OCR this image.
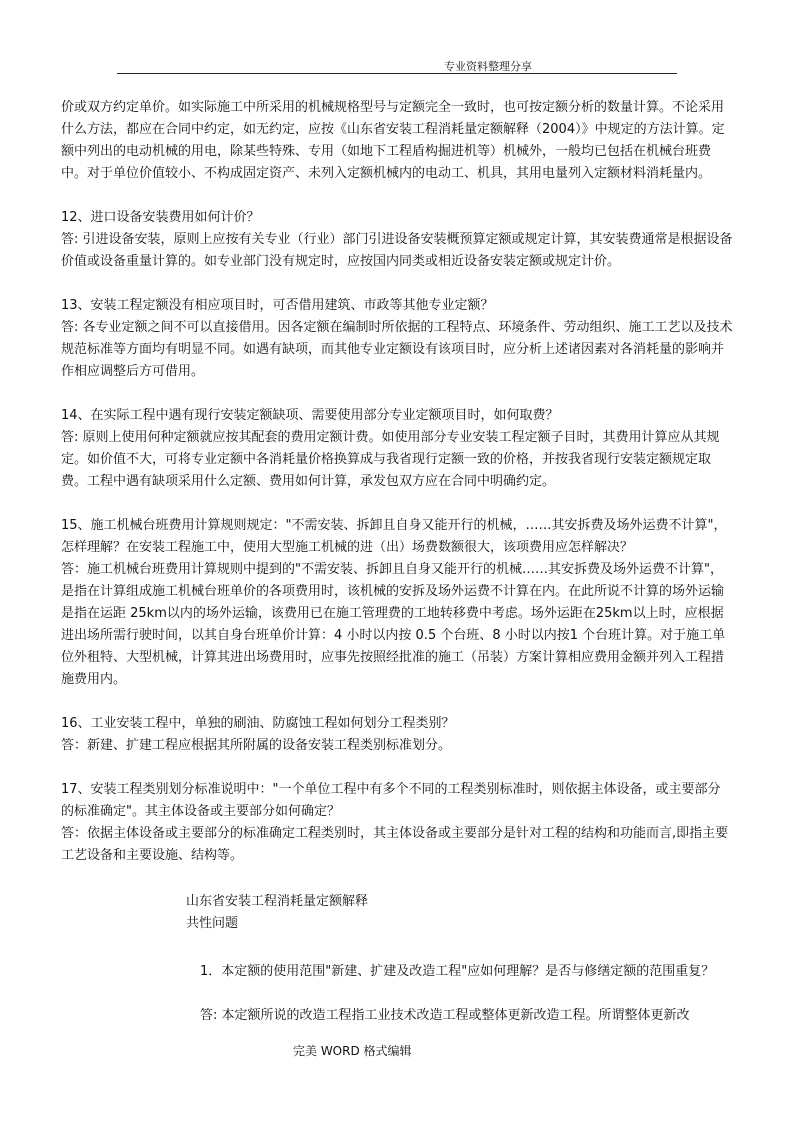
专业资料整理分享

价或双方约定单价。如实际施工中所采用的机械规格型号与定额完全一致时，也可按定额分析的数量计算。不论采用什么方法，都应在合同中约定，如无约定，应按《山东省安装工程消耗量定额解释（2004）》中规定的方法计算。定额中列出的电动机械的用电，除某些特殊、专用（如地下工程盾构掘进机等）机械外，一般均已包括在机械台班费中。对于单位价值较小、不构成固定资产、未列入定额机械内的电动工、机具，其用电量列入定额材料消耗量内。

12、进口设备安装费用如何计价？

答: 引进设备安装，原则上应按有关专业（行业）部门引进设备安装概预算定额或规定计算，其安装费通常是根据设备价值或设备重量计算的。如专业部门没有规定时，应按国内同类或相近设备安装定额或规定计价。

13、安装工程定额没有相应项目时，可否借用建筑、市政等其他专业定额？

答: 各专业定额之间不可以直接借用。因各定额在编制时所依据的工程特点、环境条件、劳动组织、施工工艺以及技术规范标准等方面均有明显不同。如遇有缺项，而其他专业定额设有该项目时，应分析上述诸因素对各消耗量的影响并作相应调整后方可借用。

14、在实际工程中遇有现行安装定额缺项、需要使用部分专业定额项目时，如何取费？

答: 原则上使用何种定额就应按其配套的费用定额计费。如使用部分专业安装工程定额子目时，其费用计算应从其规定。如价值不大，可将专业定额中各消耗量价格换算成与我省现行定额一致的价格，并按我省现行安装定额规定取费。工程中遇有缺项采用什么定额、费用如何计算，承发包双方应在合同中明确约定。

15、施工机械台班费用计算规则规定："不需安装、拆卸且自身又能开行的机械，……其安拆费及场外运费不计算"，怎样理解？在安装工程施工中，使用大型施工机械的进（出）场费数额很大，该项费用应怎样解决？

答：施工机械台班费用计算规则中提到的"不需安装、拆卸且自身又能开行的机械……其安拆费及场外运费不计算"，是指在计算组成施工机械台班单价的各项费用时，该机械的安拆及场外运费不计算在内。在此所说不计算的场外运输是指在运距 25km以内的场外运输，该费用已在施工管理费的工地转移费中考虑。场外运距在25km以上时，应根据进出场所需行驶时间，以其自身台班单价计算：4 小时以内按 0.5 个台班、8 小时以内按1 个台班计算。对于施工单位外租特、大型机械，计算其进出场费用时，应事先按照经批准的施工（吊装）方案计算相应费用金额并列入工程措施费用内。

16、工业安装工程中，单独的刷油、防腐蚀工程如何划分工程类别？

答：新建、扩建工程应根据其所附属的设备安装工程类别标准划分。

17、安装工程类别划分标准说明中："一个单位工程中有多个不同的工程类别标准时，则依据主体设备，或主要部分的标准确定"。其主体设备或主要部分如何确定？

答：依据主体设备或主要部分的标准确定工程类别时，其主体设备或主要部分是针对工程的结构和功能而言,即指主要工艺设备和主要设施、结构等。

山东省安装工程消耗量定额解释
共性问题
1．本定额的使用范围"新建、扩建及改造工程"应如何理解？是否与修缮定额的范围重复？
答: 本定额所说的改造工程指工业技术改造工程或整体更新改造工程。所谓整体更新改
完美 WORD 格式编辑
